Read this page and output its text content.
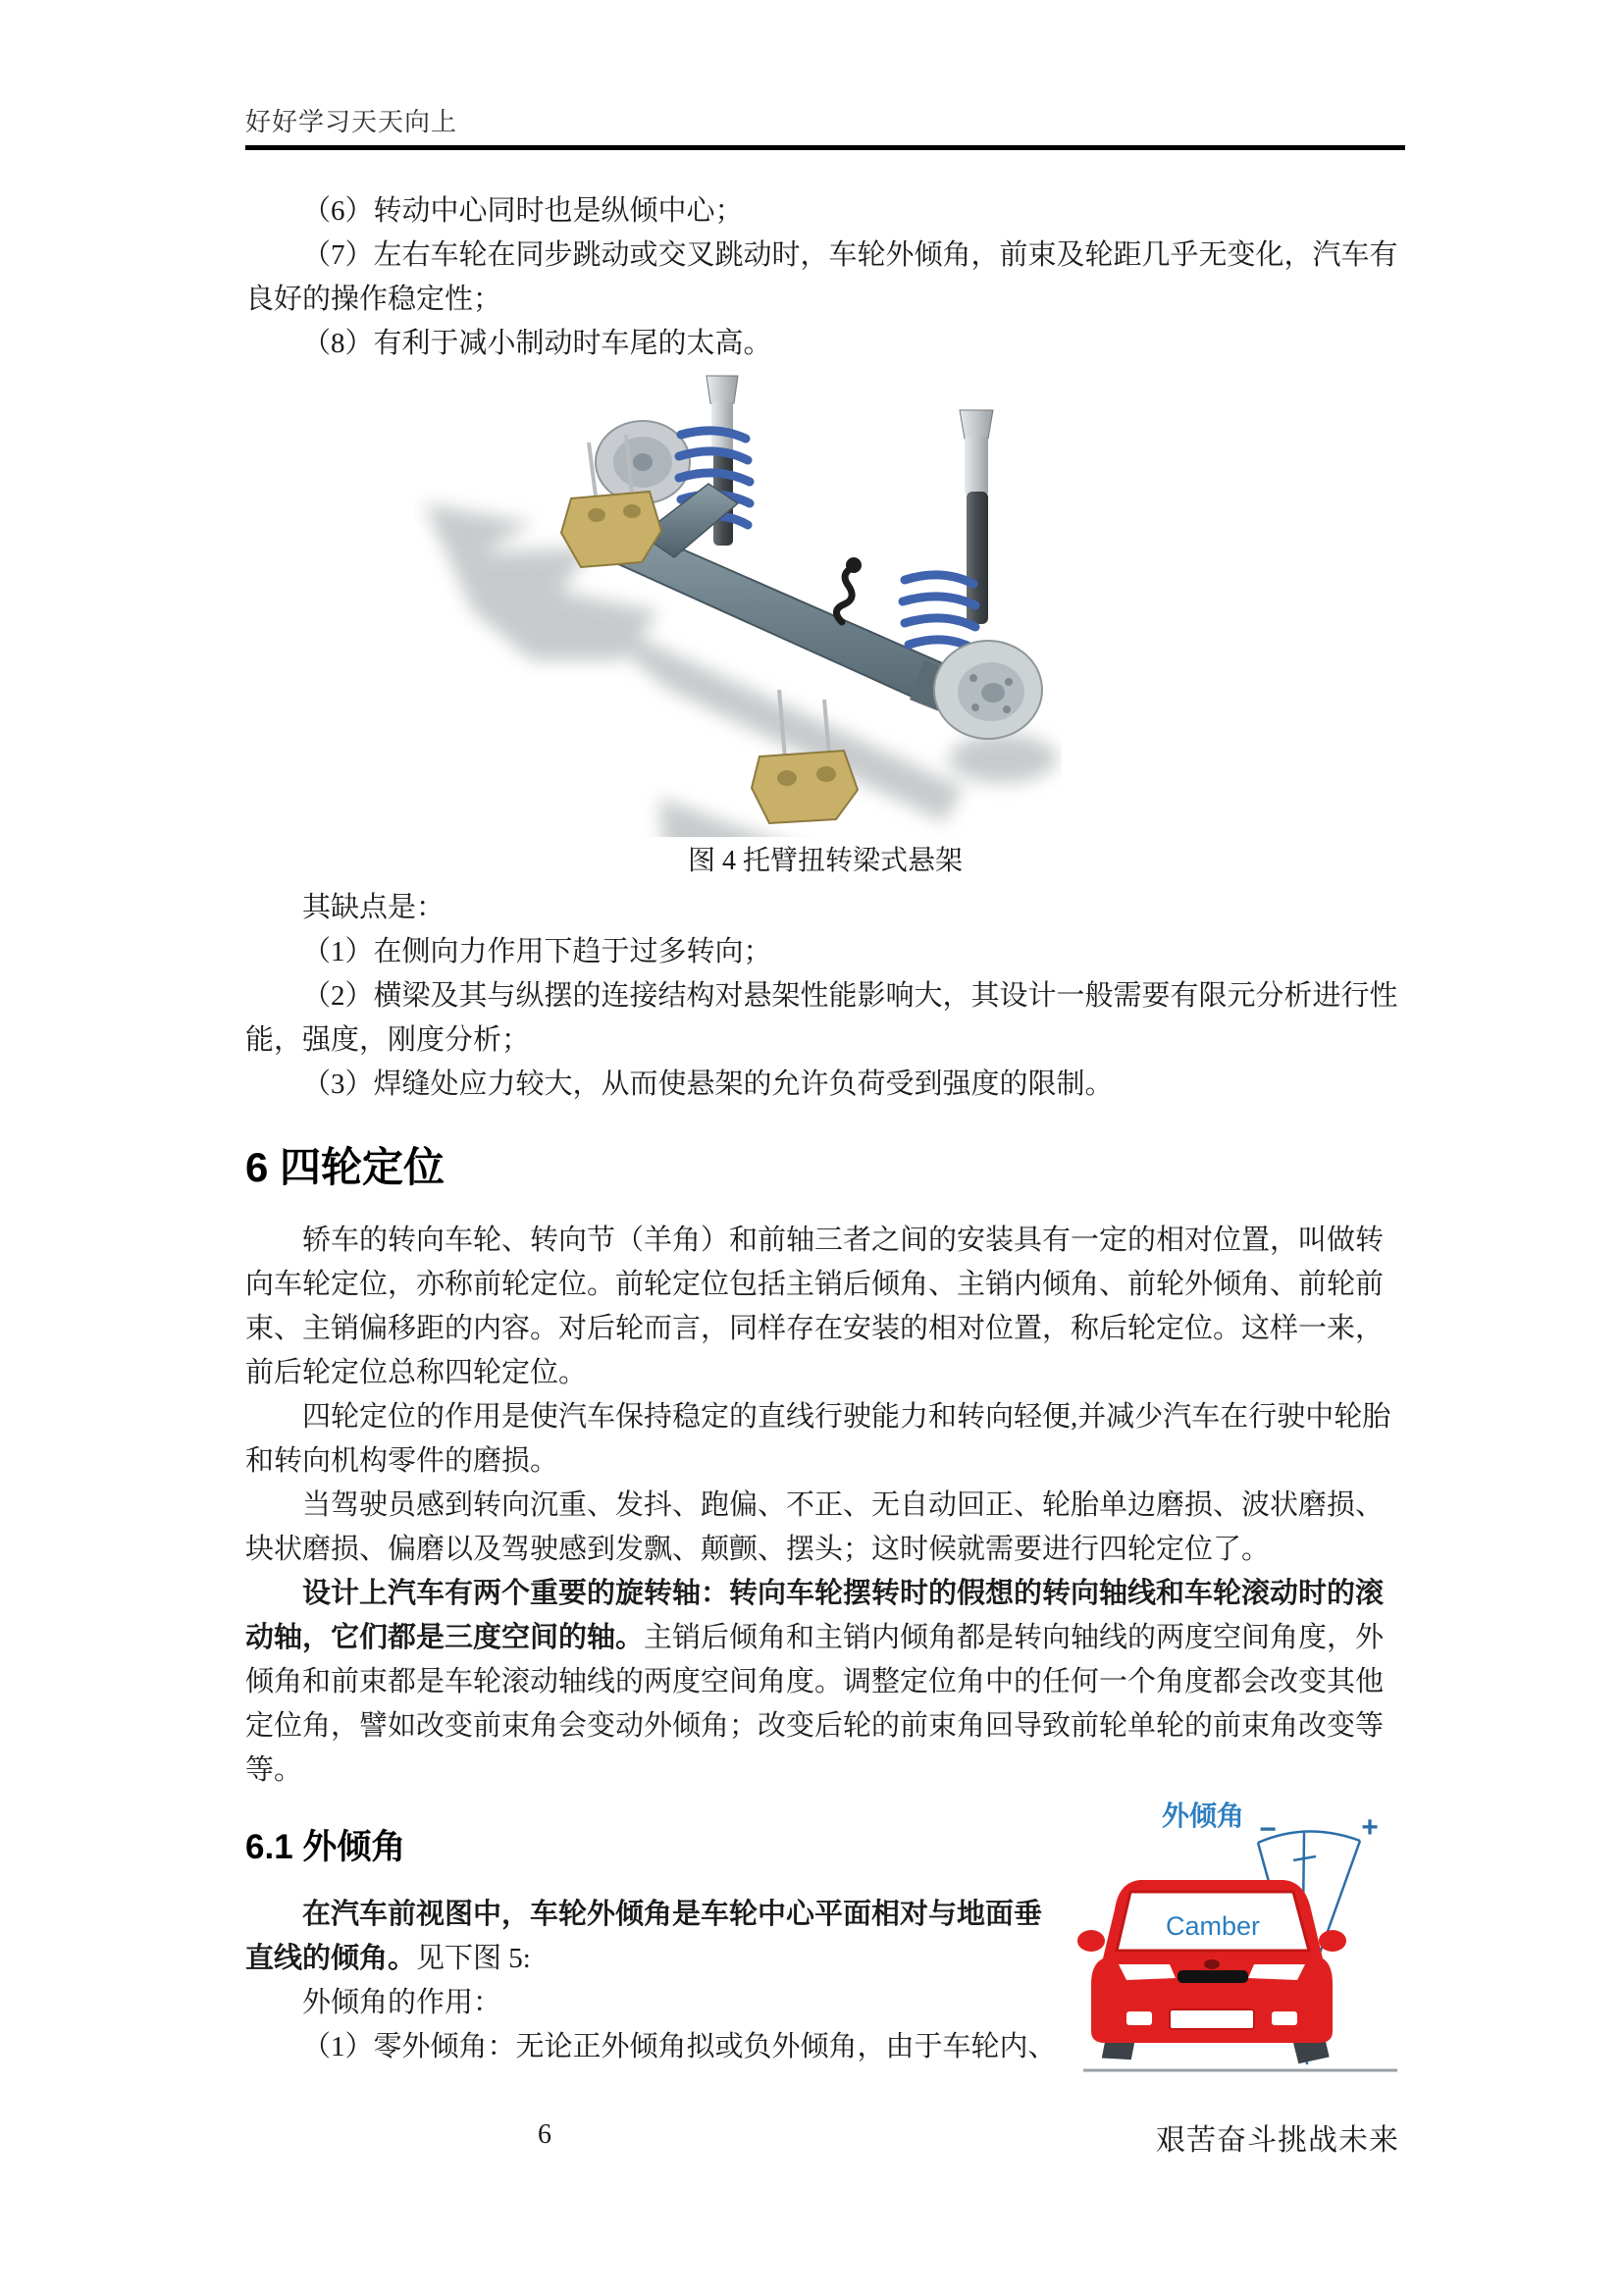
好好学习天天向上

（6）转动中心同时也是纵倾中心；

（7）左右车轮在同步跳动或交叉跳动时，车轮外倾角，前束及轮距几乎无变化，汽车有良好的操作稳定性；

（8）有利于减小制动时车尾的太高。

图 4 托臂扭转梁式悬架

其缺点是：

（1）在侧向力作用下趋于过多转向；

（2）横梁及其与纵摆的连接结构对悬架性能影响大，其设计一般需要有限元分析进行性能，强度，刚度分析；

（3）焊缝处应力较大，从而使悬架的允许负荷受到强度的限制。

6 四轮定位

轿车的转向车轮、转向节（羊角）和前轴三者之间的安装具有一定的相对位置，叫做转向车轮定位，亦称前轮定位。前轮定位包括主销后倾角、主销内倾角、前轮外倾角、前轮前束、主销偏移距的内容。对后轮而言，同样存在安装的相对位置，称后轮定位。这样一来，前后轮定位总称四轮定位。

四轮定位的作用是使汽车保持稳定的直线行驶能力和转向轻便,并减少汽车在行驶中轮胎和转向机构零件的磨损。

当驾驶员感到转向沉重、发抖、跑偏、不正、无自动回正、轮胎单边磨损、波状磨损、块状磨损、偏磨以及驾驶感到发飘、颠颤、摆头；这时候就需要进行四轮定位了。

设计上汽车有两个重要的旋转轴：转向车轮摆转时的假想的转向轴线和车轮滚动时的滚动轴，它们都是三度空间的轴。主销后倾角和主销内倾角都是转向轴线的两度空间角度，外倾角和前束都是车轮滚动轴线的两度空间角度。调整定位角中的任何一个角度都会改变其他定位角，譬如改变前束角会变动外倾角；改变后轮的前束角回导致前轮单轮的前束角改变等等。

6.1 外倾角

在汽车前视图中，车轮外倾角是车轮中心平面相对与地面垂直线的倾角。见下图 5:

外倾角的作用：

（1）零外倾角：无论正外倾角拟或负外倾角，由于车轮内、

−	+
外倾角
Camber
6	艰苦奋斗挑战未来
